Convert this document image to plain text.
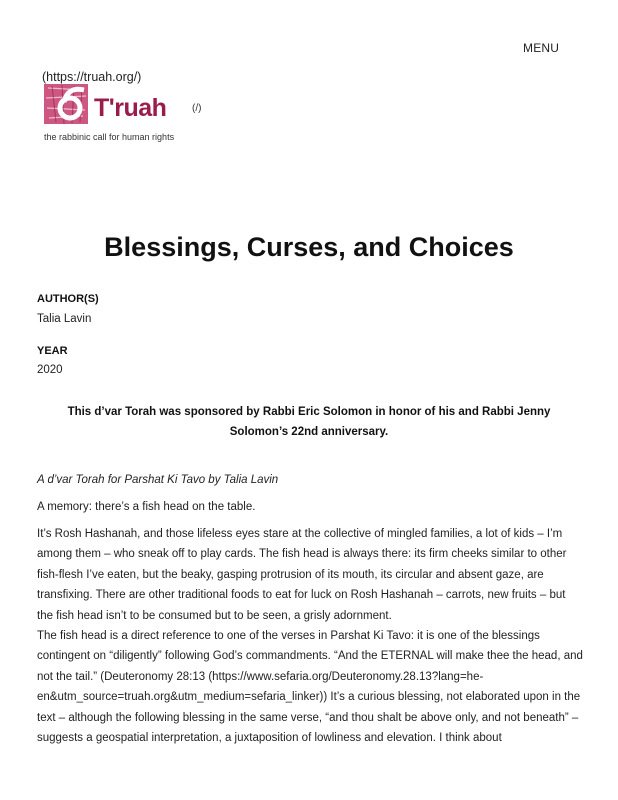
MENU
(https://truah.org/)
T'ruah
the rabbinic call for human rights
(/)
Blessings, Curses, and Choices
AUTHOR(S)
Talia Lavin
YEAR
2020

This d’var Torah was sponsored by Rabbi Eric Solomon in honor of his and Rabbi Jenny Solomon’s 22nd anniversary.

A d’var Torah for Parshat Ki Tavo by Talia Lavin

A memory: there’s a fish head on the table.

It’s Rosh Hashanah, and those lifeless eyes stare at the collective of mingled families, a lot of kids – I’m among them – who sneak off to play cards. The fish head is always there: its firm cheeks similar to other fish-flesh I’ve eaten, but the beaky, gasping protrusion of its mouth, its circular and absent gaze, are transfixing. There are other traditional foods to eat for luck on Rosh Hashanah – carrots, new fruits – but the fish head isn’t to be consumed but to be seen, a grisly adornment.

The fish head is a direct reference to one of the verses in Parshat Ki Tavo: it is one of the blessings contingent on “diligently” following God’s commandments. “And the ETERNAL will make thee the head, and not the tail.” (Deuteronomy 28:13 (https://www.sefaria.org/Deuteronomy.28.13?lang=he-en&utm_source=truah.org&utm_medium=sefaria_linker)) It’s a curious blessing, not elaborated upon in the text – although the following blessing in the same verse, “and thou shalt be above only, and not beneath” – suggests a geospatial interpretation, a juxtaposition of lowliness and elevation. I think about
